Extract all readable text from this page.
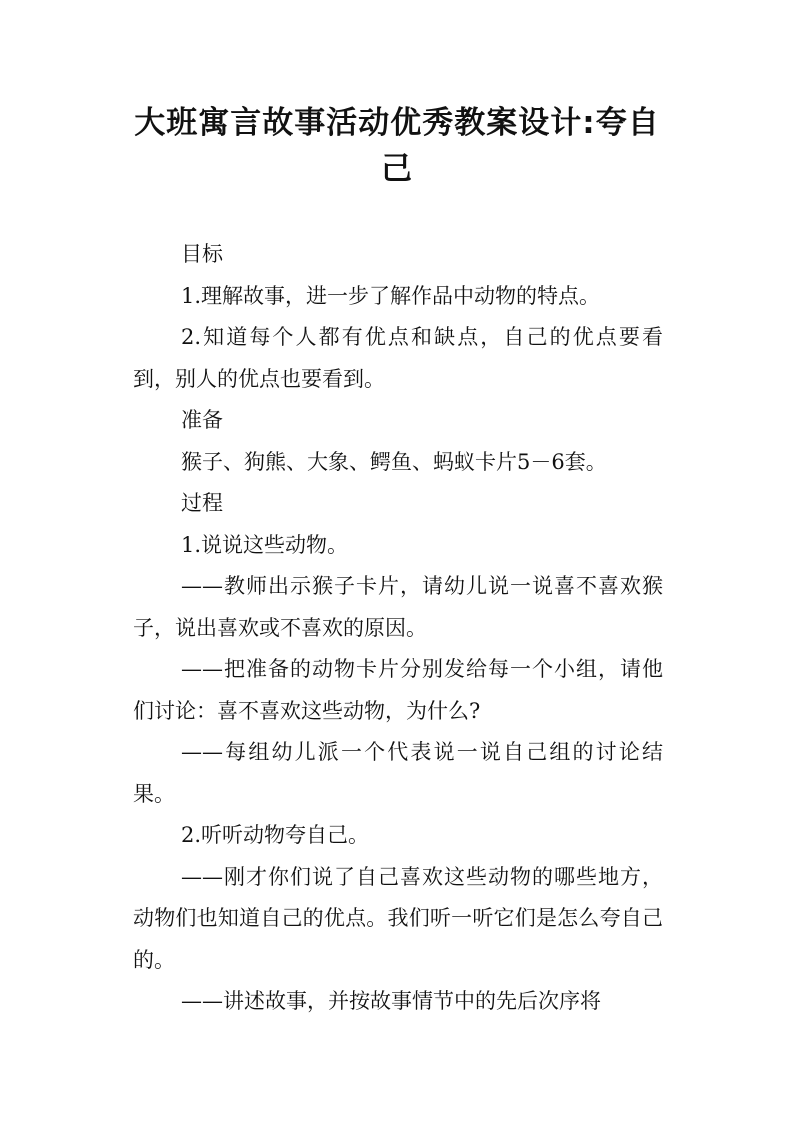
大班寓言故事活动优秀教案设计:夸自己

目标

1.理解故事，进一步了解作品中动物的特点。

2.知道每个人都有优点和缺点，自己的优点要看到，别人的优点也要看到。

准备

猴子、狗熊、大象、鳄鱼、蚂蚁卡片5－6套。

过程

1.说说这些动物。

——教师出示猴子卡片，请幼儿说一说喜不喜欢猴子，说出喜欢或不喜欢的原因。

——把准备的动物卡片分别发给每一个小组，请他们讨论：喜不喜欢这些动物，为什么?

——每组幼儿派一个代表说一说自己组的讨论结果。

2.听听动物夸自己。

——刚才你们说了自己喜欢这些动物的哪些地方，动物们也知道自己的优点。我们听一听它们是怎么夸自己的。

——讲述故事，并按故事情节中的先后次序将
